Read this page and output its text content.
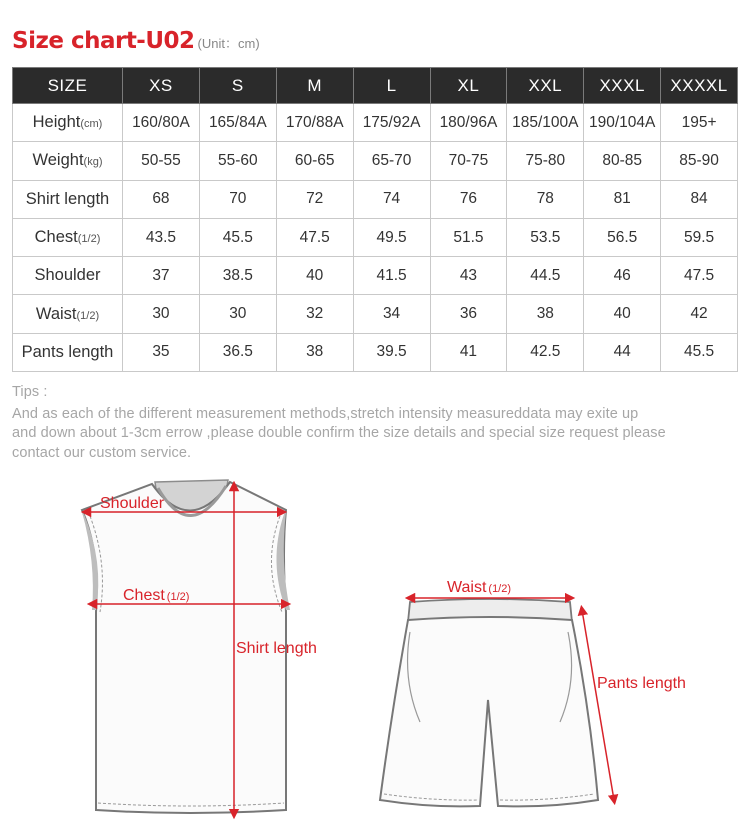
Size chart-U02 (Unit：cm)
SIZE	XS	S	M	L	XL	XXL	XXXL	XXXXL
Height(cm)	160/80A	165/84A	170/88A	175/92A	180/96A	185/100A	190/104A	195+
Weight(kg)	50-55	55-60	60-65	65-70	70-75	75-80	80-85	85-90
Shirt length	68	70	72	74	76	78	81	84
Chest(1/2)	43.5	45.5	47.5	49.5	51.5	53.5	56.5	59.5
Shoulder	37	38.5	40	41.5	43	44.5	46	47.5
Waist(1/2)	30	30	32	34	36	38	40	42
Pants length	35	36.5	38	39.5	41	42.5	44	45.5
Tips :
And as each of the different measurement methods,stretch intensity measureddata may exite up
and down about 1-3cm errow ,please double confirm the size details and special size request please
contact our custom service.
Shoulder
Chest (1/2)
Shirt length
Waist (1/2)
Pants length
